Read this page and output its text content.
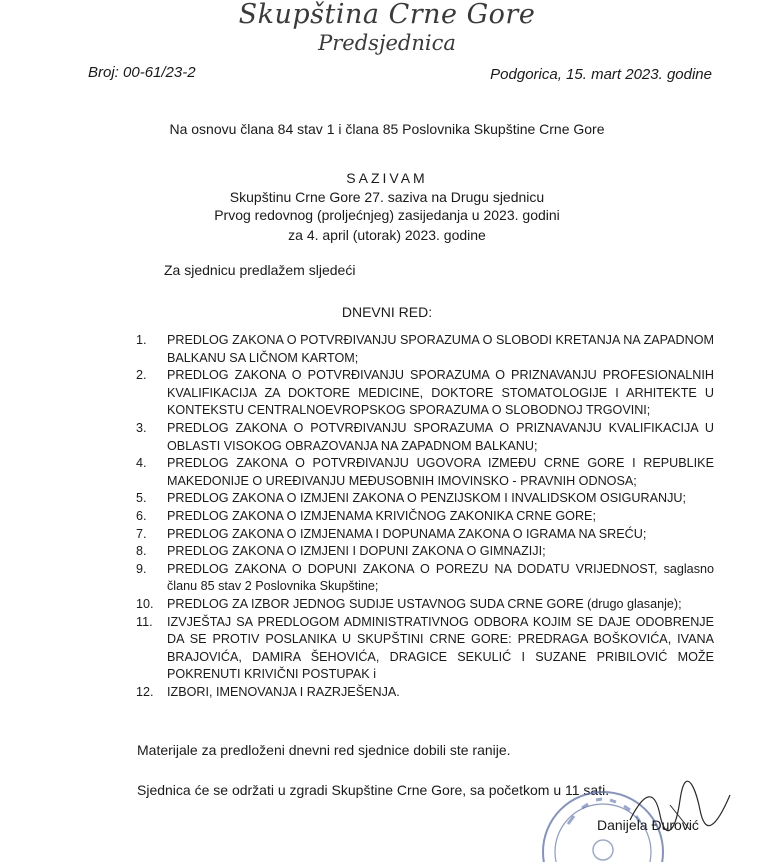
Skupština Crne Gore
Predsjednica
Broj: 00-61/23-2	Podgorica, 15. mart 2023. godine
Na osnovu člana 84 stav 1 i člana 85 Poslovnika Skupštine Crne Gore
SAZIVAM
Skupštinu Crne Gore 27. saziva na Drugu sjednicu
Prvog redovnog (proljećnjeg) zasijedanja u 2023. godini
za 4. april (utorak) 2023. godine
Za sjednicu predlažem sljedeći
DNEVNI RED:
1.	PREDLOG ZAKONA O POTVRĐIVANJU SPORAZUMA O SLOBODI KRETANJA NA ZAPADNOM BALKANU SA LIČNOM KARTOM;
2.	PREDLOG ZAKONA O POTVRĐIVANJU SPORAZUMA O PRIZNAVANJU PROFESIONALNIH KVALIFIKACIJA ZA DOKTORE MEDICINE, DOKTORE STOMATOLOGIJE I ARHITEKTE U KONTEKSTU CENTRALNOEVROPSKOG SPORAZUMA O SLOBODNOJ TRGOVINI;
3.	PREDLOG ZAKONA O POTVRĐIVANJU SPORAZUMA O PRIZNAVANJU KVALIFIKACIJA U OBLASTI VISOKOG OBRAZOVANJA NA ZAPADNOM BALKANU;
4.	PREDLOG ZAKONA O POTVRĐIVANJU UGOVORA IZMEĐU CRNE GORE I REPUBLIKE MAKEDONIJE O UREĐIVANJU MEĐUSOBNIH IMOVINSKO - PRAVNIH ODNOSA;
5.	PREDLOG ZAKONA O IZMJENI ZAKONA O PENZIJSKOM I INVALIDSKOM OSIGURANJU;
6.	PREDLOG ZAKONA O IZMJENAMA KRIVIČNOG ZAKONIKA CRNE GORE;
7.	PREDLOG ZAKONA O IZMJENAMA I DOPUNAMA ZAKONA O IGRAMA NA SREĆU;
8.	PREDLOG ZAKONA O IZMJENI I DOPUNI ZAKONA O GIMNAZIJI;
9.	PREDLOG ZAKONA O DOPUNI ZAKONA O POREZU NA DODATU VRIJEDNOST, saglasno članu 85 stav 2 Poslovnika Skupštine;
10.	PREDLOG ZA IZBOR JEDNOG SUDIJE USTAVNOG SUDA CRNE GORE (drugo glasanje);
11.	IZVJEŠTAJ SA PREDLOGOM ADMINISTRATIVNOG ODBORA KOJIM SE DAJE ODOBRENJE DA SE PROTIV POSLANIKA U SKUPŠTINI CRNE GORE: PREDRAGA BOŠKOVIĆA, IVANA BRAJOVIĆA, DAMIRA ŠEHOVIĆA, DRAGICE SEKULIĆ I SUZANE PRIBILOVIĆ MOŽE POKRENUTI KRIVIČNI POSTUPAK i
12.	IZBORI, IMENOVANJA I RAZRJEŠENJA.
Materijale za predloženi dnevni red sjednice dobili ste ranije.
Sjednica će se održati u zgradi Skupštine Crne Gore, sa početkom u 11 sati.
Danijela Đurović
